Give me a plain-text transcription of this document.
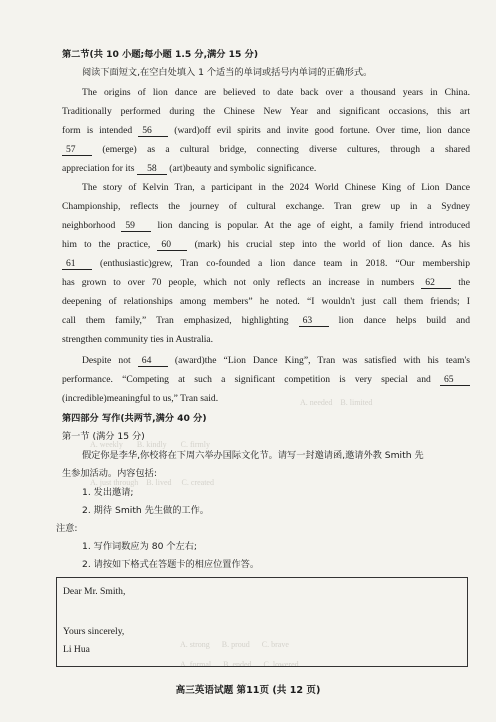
A. needed    B. limited
A. weekly       B. kindly       C. firmly
A. just through    B. lived     C. created
A. strong      B. proud      C. brave
A. formal      B. ended      C. lowered
第二节(共 10 小题;每小题 1.5 分,满分 15 分)
阅读下面短文,在空白处填入 1 个适当的单词或括号内单词的正确形式。
The origins of lion dance are believed to date back over a thousand years in China.
Traditionally performed during the Chinese New Year and significant occasions, this art
form is intended 56 (ward)off evil spirits and invite good fortune. Over time, lion dance
57	(emerge) as a cultural bridge, connecting diverse cultures, through a shared
appreciation for its 58 (art)beauty and symbolic significance.
The story of Kelvin Tran, a participant in the 2024 World Chinese King of Lion Dance
Championship, reflects the journey of cultural exchange. Tran grew up in a Sydney
neighborhood 59 lion dancing is popular. At the age of eight, a family friend introduced
him to the practice, 60 (mark) his crucial step into the world of lion dance. As his
61	(enthusiastic)grew, Tran co-founded a lion dance team in 2018. “Our membership
has grown to over 70 people, which not only reflects an increase in numbers 62 the
deepening of relationships among members” he noted. “I wouldn't just call them friends; I
call them family,” Tran emphasized, highlighting 63	lion dance helps build and
strengthen community ties in Australia.
Despite not 64 (award)the “Lion Dance King”, Tran was satisfied with his team's
performance. “Competing at such a significant competition is very special and 65
(incredible)meaningful to us,” Tran said.
第四部分 写作(共两节,满分 40 分)
第一节 (满分 15 分)
假定你是李华,你校将在下周六举办国际文化节。请写一封邀请函,邀请外教 Smith 先
生参加活动。内容包括:
1. 发出邀请;
2. 期待 Smith 先生做的工作。
注意:
1. 写作词数应为 80 个左右;
2. 请按如下格式在答题卡的相应位置作答。
Dear Mr. Smith,
Yours sincerely,
Li Hua
高三英语试题 第11页 (共 12 页)
